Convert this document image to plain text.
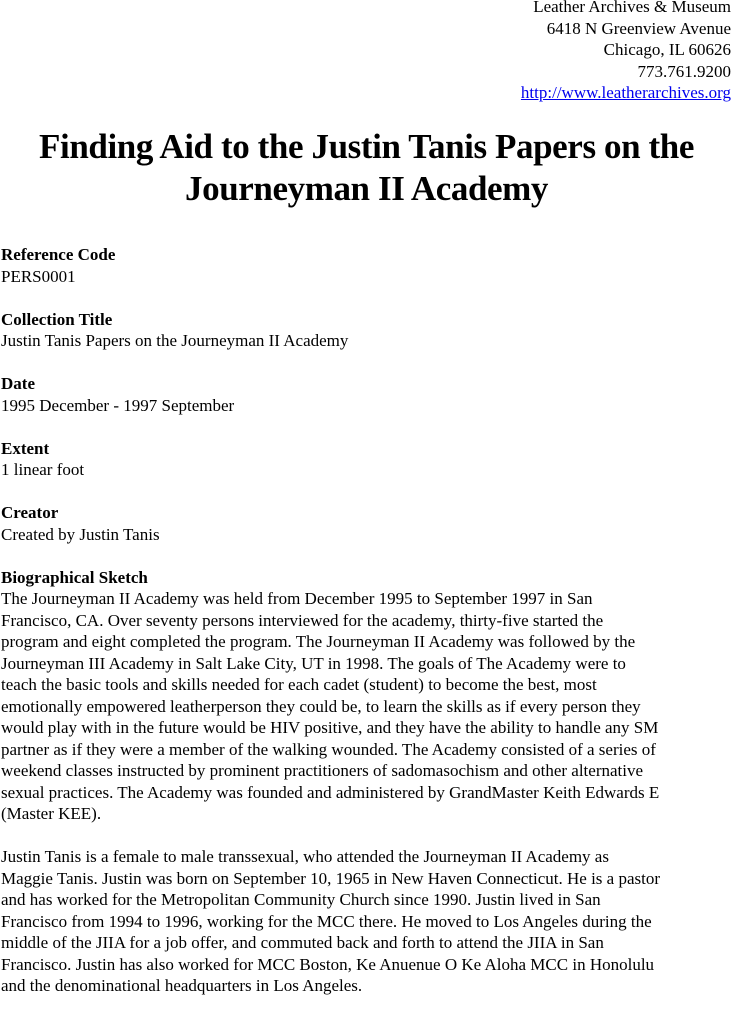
Leather Archives & Museum
6418 N Greenview Avenue
Chicago, IL 60626
773.761.9200
http://www.leatherarchives.org
Finding Aid to the Justin Tanis Papers on the
Journeyman II Academy
Reference Code
PERS0001
Collection Title
Justin Tanis Papers on the Journeyman II Academy
Date
1995 December - 1997 September
Extent
1 linear foot
Creator
Created by Justin Tanis
Biographical Sketch
The Journeyman II Academy was held from December 1995 to September 1997 in San
Francisco, CA. Over seventy persons interviewed for the academy, thirty-five started the
program and eight completed the program. The Journeyman II Academy was followed by the
Journeyman III Academy in Salt Lake City, UT in 1998. The goals of The Academy were to
teach the basic tools and skills needed for each cadet (student) to become the best, most
emotionally empowered leatherperson they could be, to learn the skills as if every person they
would play with in the future would be HIV positive, and they have the ability to handle any SM
partner as if they were a member of the walking wounded. The Academy consisted of a series of
weekend classes instructed by prominent practitioners of sadomasochism and other alternative
sexual practices. The Academy was founded and administered by GrandMaster Keith Edwards E
(Master KEE).
Justin Tanis is a female to male transsexual, who attended the Journeyman II Academy as
Maggie Tanis. Justin was born on September 10, 1965 in New Haven Connecticut. He is a pastor
and has worked for the Metropolitan Community Church since 1990. Justin lived in San
Francisco from 1994 to 1996, working for the MCC there. He moved to Los Angeles during the
middle of the JIIA for a job offer, and commuted back and forth to attend the JIIA in San
Francisco. Justin has also worked for MCC Boston, Ke Anuenue O Ke Aloha MCC in Honolulu
and the denominational headquarters in Los Angeles.
